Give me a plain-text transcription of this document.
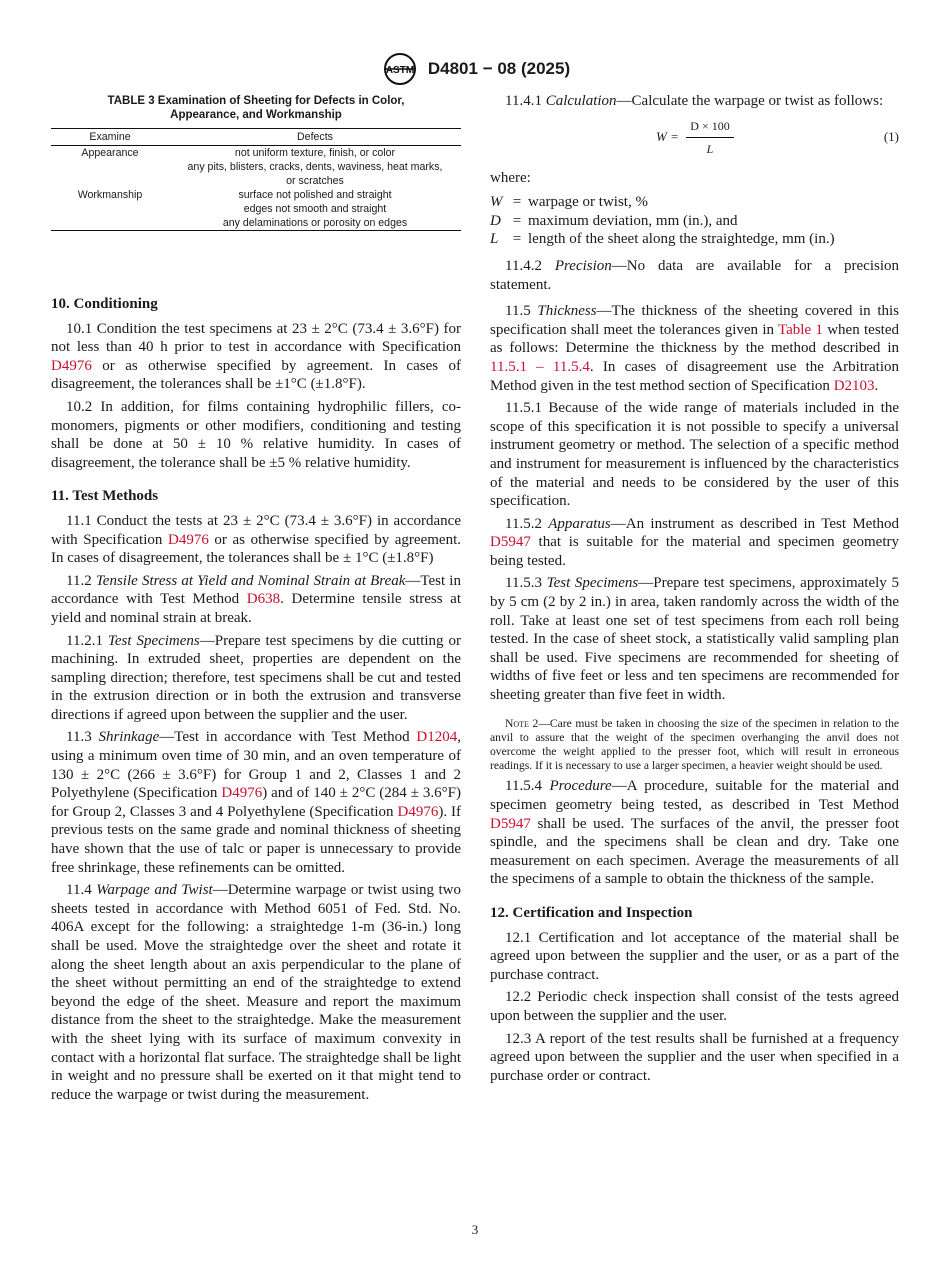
ASTM D4801 − 08 (2025)
TABLE 3 Examination of Sheeting for Defects in Color,
Appearance, and Workmanship
Examine	Defects
Appearance	not uniform texture, finish, or color
	any pits, blisters, cracks, dents, waviness, heat marks,
	or scratches
Workmanship	surface not polished and straight
	edges not smooth and straight
	any delaminations or porosity on edges
10. Conditioning

10.1 Condition the test specimens at 23 ± 2°C (73.4 ± 3.6°F) for not less than 40 h prior to test in accordance with Specification D4976 or as otherwise specified by agreement. In cases of disagreement, the tolerances shall be ±1°C (±1.8°F).

10.2 In addition, for films containing hydrophilic fillers, co-monomers, pigments or other modifiers, conditioning and testing shall be done at 50 ± 10 % relative humidity. In cases of disagreement, the tolerance shall be ±5 % relative humidity.

11. Test Methods

11.1 Conduct the tests at 23 ± 2°C (73.4 ± 3.6°F) in accordance with Specification D4976 or as otherwise specified by agreement. In cases of disagreement, the tolerances shall be ± 1°C (±1.8°F)

11.2 Tensile Stress at Yield and Nominal Strain at Break—Test in accordance with Test Method D638. Determine tensile stress at yield and nominal strain at break.

11.2.1 Test Specimens—Prepare test specimens by die cutting or machining. In extruded sheet, properties are dependent on the sampling direction; therefore, test specimens shall be cut and tested in the extrusion direction or in both the extrusion and transverse directions if agreed upon between the supplier and the user.

11.3 Shrinkage—Test in accordance with Test Method D1204, using a minimum oven time of 30 min, and an oven temperature of 130 ± 2°C (266 ± 3.6°F) for Group 1 and 2, Classes 1 and 2 Polyethylene (Specification D4976) and of 140 ± 2°C (284 ± 3.6°F) for Group 2, Classes 3 and 4 Polyethylene (Specification D4976). If previous tests on the same grade and nominal thickness of sheeting have shown that the use of talc or paper is unnecessary to provide free shrinkage, these refinements can be omitted.

11.4 Warpage and Twist—Determine warpage or twist using two sheets tested in accordance with Method 6051 of Fed. Std. No. 406A except for the following: a straightedge 1-m (36-in.) long shall be used. Move the straightedge over the sheet and rotate it along the sheet length about an axis perpendicular to the plane of the sheet without permitting an end of the straightedge to extend beyond the edge of the sheet. Measure and report the maximum distance from the sheet to the straightedge. Make the measurement with the sheet lying with its surface of maximum convexity in contact with a horizontal flat surface. The straightedge shall be light in weight and no pressure shall be exerted on it that might tend to reduce the warpage or twist during the measurement.

11.4.1 Calculation—Calculate the warpage or twist as follows:

$W = \frac{D \times 100}{L}$	(1)
where:
W = warpage or twist, %
D = maximum deviation, mm (in.), and
L = length of the sheet along the straightedge, mm (in.)

11.4.2 Precision—No data are available for a precision statement.

11.5 Thickness—The thickness of the sheeting covered in this specification shall meet the tolerances given in Table 1 when tested as follows: Determine the thickness by the method described in 11.5.1 – 11.5.4. In cases of disagreement use the Arbitration Method given in the test method section of Specification D2103.

11.5.1 Because of the wide range of materials included in the scope of this specification it is not possible to specify a universal instrument geometry or method. The selection of a specific method and instrument for measurement is influenced by the characteristics of the material and needs to be considered by the user of this specification.

11.5.2 Apparatus—An instrument as described in Test Method D5947 that is suitable for the material and specimen geometry being tested.

11.5.3 Test Specimens—Prepare test specimens, approximately 5 by 5 cm (2 by 2 in.) in area, taken randomly across the width of the roll. Take at least one set of test specimens from each roll being tested. In the case of sheet stock, a statistically valid sampling plan shall be used. Five specimens are recommended for sheeting of widths of five feet or less and ten specimens are recommended for sheeting greater than five feet in width.

Note 2—Care must be taken in choosing the size of the specimen in relation to the anvil to assure that the weight of the specimen overhanging the anvil does not overcome the weight applied to the presser foot, which will result in erroneous readings. If it is necessary to use a larger specimen, a heavier weight should be used.

11.5.4 Procedure—A procedure, suitable for the material and specimen geometry being tested, as described in Test Method D5947 shall be used. The surfaces of the anvil, the presser foot spindle, and the specimens shall be clean and dry. Take one measurement on each specimen. Average the measurements of all the specimens of a sample to obtain the thickness of the sample.

12. Certification and Inspection

12.1 Certification and lot acceptance of the material shall be agreed upon between the supplier and the user, or as a part of the purchase contract.

12.2 Periodic check inspection shall consist of the tests agreed upon between the supplier and the user.

12.3 A report of the test results shall be furnished at a frequency agreed upon between the supplier and the user when specified in a purchase order or contract.

3
